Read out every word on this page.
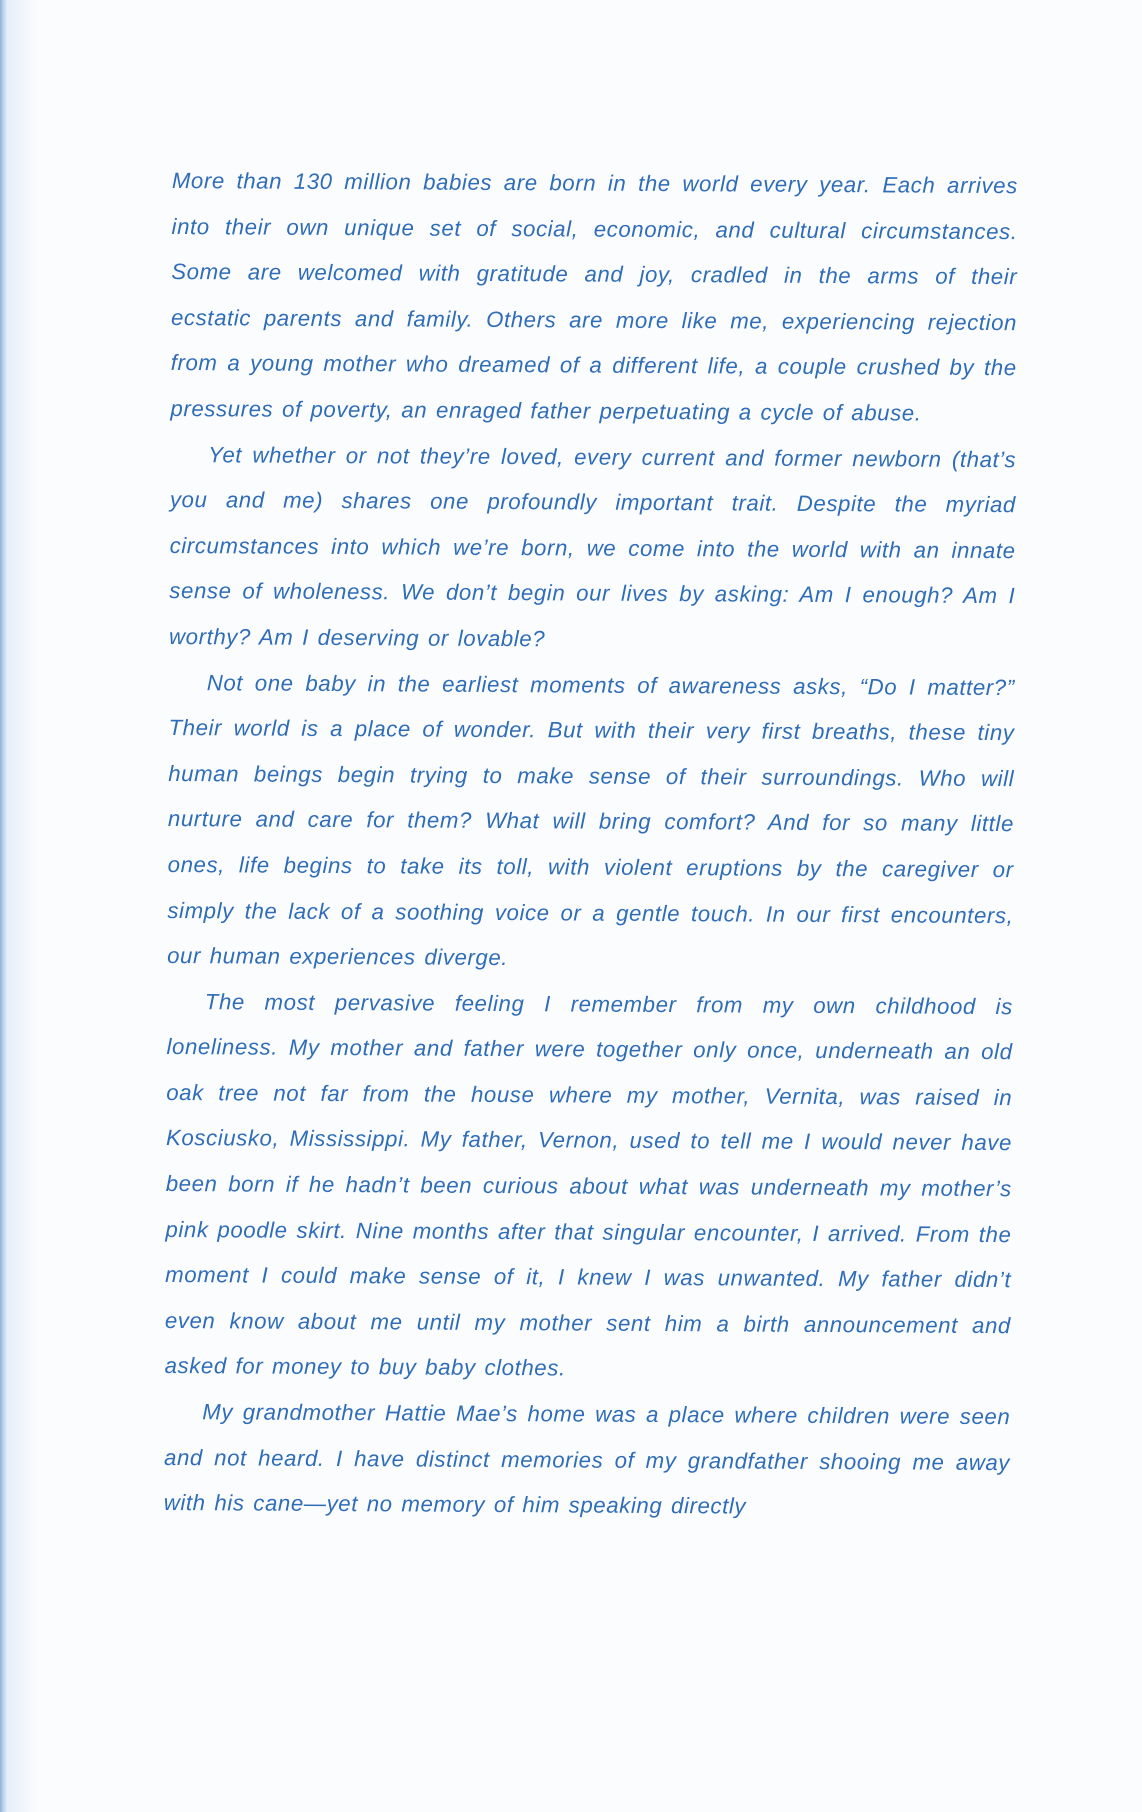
More than 130 million babies are born in the world every year. Each arrives into their own unique set of social, economic, and cultural circumstances. Some are welcomed with gratitude and joy, cradled in the arms of their ecstatic parents and family. Others are more like me, experiencing rejection from a young mother who dreamed of a different life, a couple crushed by the pressures of poverty, an enraged father perpetuating a cycle of abuse.

Yet whether or not they’re loved, every current and former newborn (that’s you and me) shares one profoundly important trait. Despite the myriad circumstances into which we’re born, we come into the world with an innate sense of wholeness. We don’t begin our lives by asking: Am I enough? Am I worthy? Am I deserving or lovable?

Not one baby in the earliest moments of awareness asks, “Do I matter?” Their world is a place of wonder. But with their very first breaths, these tiny human beings begin trying to make sense of their surroundings. Who will nurture and care for them? What will bring comfort? And for so many little ones, life begins to take its toll, with violent eruptions by the caregiver or simply the lack of a soothing voice or a gentle touch. In our first encounters, our human experiences diverge.

The most pervasive feeling I remember from my own childhood is loneliness. My mother and father were together only once, underneath an old oak tree not far from the house where my mother, Vernita, was raised in Kosciusko, Mississippi. My father, Vernon, used to tell me I would never have been born if he hadn’t been curious about what was underneath my mother’s pink poodle skirt. Nine months after that singular encounter, I arrived. From the moment I could make sense of it, I knew I was unwanted. My father didn’t even know about me until my mother sent him a birth announcement and asked for money to buy baby clothes.

My grandmother Hattie Mae’s home was a place where children were seen and not heard. I have distinct memories of my grandfather shooing me away with his cane—yet no memory of him speaking directly
